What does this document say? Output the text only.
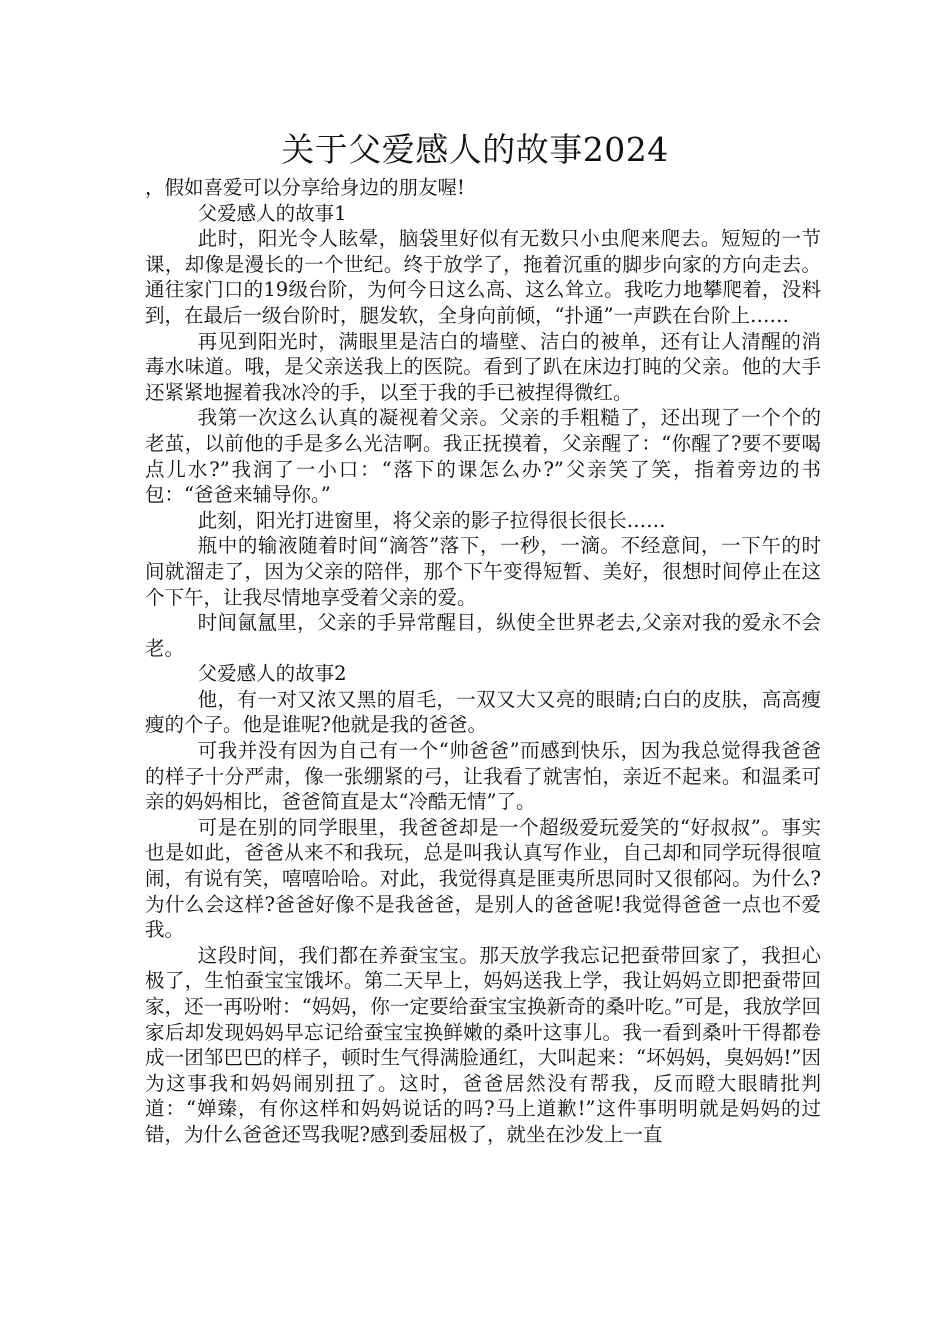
关于父爱感人的故事2024

，假如喜爱可以分享给身边的朋友喔!

父爱感人的故事1

此时，阳光令人眩晕，脑袋里好似有无数只小虫爬来爬去。短短的一节课，却像是漫长的一个世纪。终于放学了，拖着沉重的脚步向家的方向走去。通往家门口的19级台阶，为何今日这么高、这么耸立。我吃力地攀爬着，没料到，在最后一级台阶时，腿发软，全身向前倾，“扑通”一声跌在台阶上……

再见到阳光时，满眼里是洁白的墙壁、洁白的被单，还有让人清醒的消毒水味道。哦，是父亲送我上的医院。看到了趴在床边打盹的父亲。他的大手还紧紧地握着我冰冷的手，以至于我的手已被捏得微红。

我第一次这么认真的凝视着父亲。父亲的手粗糙了，还出现了一个个的老茧，以前他的手是多么光洁啊。我正抚摸着，父亲醒了：“你醒了?要不要喝点儿水?”我润了一小口：“落下的课怎么办?”父亲笑了笑，指着旁边的书包：“爸爸来辅导你。”

此刻，阳光打进窗里，将父亲的影子拉得很长很长……

瓶中的输液随着时间“滴答”落下，一秒，一滴。不经意间，一下午的时间就溜走了，因为父亲的陪伴，那个下午变得短暂、美好，很想时间停止在这个下午，让我尽情地享受着父亲的爱。

时间氤氲里，父亲的手异常醒目，纵使全世界老去,父亲对我的爱永不会老。

父爱感人的故事2

他，有一对又浓又黑的眉毛，一双又大又亮的眼睛;白白的皮肤，高高瘦瘦的个子。他是谁呢?他就是我的爸爸。

可我并没有因为自己有一个“帅爸爸”而感到快乐，因为我总觉得我爸爸的样子十分严肃，像一张绷紧的弓，让我看了就害怕，亲近不起来。和温柔可亲的妈妈相比，爸爸简直是太“冷酷无情”了。

可是在别的同学眼里，我爸爸却是一个超级爱玩爱笑的“好叔叔”。事实也是如此，爸爸从来不和我玩，总是叫我认真写作业，自己却和同学玩得很喧闹，有说有笑，嘻嘻哈哈。对此，我觉得真是匪夷所思同时又很郁闷。为什么?为什么会这样?爸爸好像不是我爸爸，是别人的爸爸呢!我觉得爸爸一点也不爱我。

这段时间，我们都在养蚕宝宝。那天放学我忘记把蚕带回家了，我担心极了，生怕蚕宝宝饿坏。第二天早上，妈妈送我上学，我让妈妈立即把蚕带回家，还一再吩咐：“妈妈，你一定要给蚕宝宝换新奇的桑叶吃。”可是，我放学回家后却发现妈妈早忘记给蚕宝宝换鲜嫩的桑叶这事儿。我一看到桑叶干得都卷成一团邹巴巴的样子，顿时生气得满脸通红，大叫起来：“坏妈妈，臭妈妈!”因为这事我和妈妈闹别扭了。这时，爸爸居然没有帮我，反而瞪大眼睛批判道：“婵臻，有你这样和妈妈说话的吗?马上道歉!”这件事明明就是妈妈的过错，为什么爸爸还骂我呢?感到委屈极了，就坐在沙发上一直
